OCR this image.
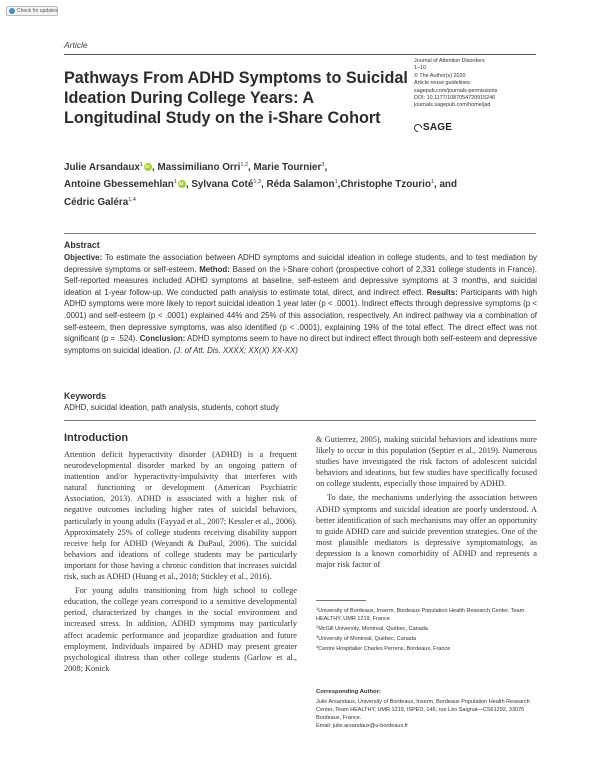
Check for updates
Article
Pathways From ADHD Symptoms to Suicidal Ideation During College Years: A Longitudinal Study on the i-Share Cohort
Journal of Attention Disorders
1–10
© The Author(s) 2020
Article reuse guidelines:
sagepub.com/journals-permissions
DOI: 10.1177/1087054720915246
journals.sagepub.com/home/jad
SAGE
Julie Arsandaux$^1$ iD , Massimiliano Orri$^{1,2}$, Marie Tournier$^3$,
Antoine Gbessemehlan$^1$ iD , Sylvana Coté$^{1,3}$, Réda Salamon$^1$,Christophe Tzourio$^1$, and
Cédric Galéra$^{1,4}$
Abstract
Objective: To estimate the association between ADHD symptoms and suicidal ideation in college students, and to test mediation by depressive symptoms or self-esteem. Method: Based on the i-Share cohort (prospective cohort of 2,331 college students in France). Self-reported measures included ADHD symptoms at baseline, self-esteem and depressive symptoms at 3 months, and suicidal ideation at 1-year follow-up. We conducted path analysis to estimate total, direct, and indirect effect. Results: Participants with high ADHD symptoms were more likely to report suicidal ideation 1 year later (p < .0001). Indirect effects through depressive symptoms (p < .0001) and self-esteem (p < .0001) explained 44% and 25% of this association, respectively. An indirect pathway via a combination of self-esteem, then depressive symptoms, was also identified (p < .0001), explaining 19% of the total effect. The direct effect was not significant (p = .524). Conclusion: ADHD symptoms seem to have no direct but indirect effect through both self-esteem and depressive symptoms on suicidal ideation. (J. of Att. Dis. XXXX; XX(X) XX-XX)
Keywords
ADHD, suicidal ideation, path analysis, students, cohort study
Introduction

Attention deficit hyperactivity disorder (ADHD) is a frequent neurodevelopmental disorder marked by an ongoing pattern of inattention and/or hyperactivity-impulsivity that interferes with natural functioning or development (American Psychiatric Association, 2013). ADHD is associated with a higher risk of negative outcomes including higher rates of suicidal behaviors, particularly in young adults (Fayyad et al., 2007; Kessler et al., 2006). Approximately 25% of college students receiving disability support receive help for ADHD (Weyandt & DuPaul, 2006). The suicidal behaviors and ideations of college students may be particularly important for those having a chronic condition that increases suicidal risk, such as ADHD (Huang et al., 2018; Stickley et al., 2016).

For young adults transitioning from high school to college education, the college years correspond to a sensitive developmental period, characterized by changes in the social environment and increased stress. In addition, ADHD symptoms may particularly affect academic performance and jeopardize graduation and future employment. Individuals impaired by ADHD may present greater psychological distress than other college students (Garlow et al., 2008; Konick

& Gutierrez, 2005), making suicidal behaviors and ideations more likely to occur in this population (Septier et al., 2019). Numerous studies have investigated the risk factors of adolescent suicidal behaviors and ideations, but few studies have specifically focused on college students, especially those impaired by ADHD.

To date, the mechanisms underlying the association between ADHD symptoms and suicidal ideation are poorly understood. A better identification of such mechanisms may offer an opportunity to guide ADHD care and suicide prevention strategies. One of the most plausible mediators is depressive symptomatology, as depression is a known comorbidity of ADHD and represents a major risk factor of

$^1$University of Bordeaux, Inserm, Bordeaux Population Health Research Center, Team HEALTHY, UMR 1219, France
$^2$McGill University, Montreal, Québec, Canada
$^3$University of Montreal, Québec, Canada
$^4$Centre Hospitalier Charles Perrens, Bordeaux, France
Corresponding Author:
Julie Arsandaux, University of Bordeaux, Inserm, Bordeaux Population Health Research Center, Team HEALTHY, UMR 1219, ISPED, 146, rue Léo Saignat—CS61292, 33076 Bordeaux, France.
Email: julie.arsandaux@u-bordeaux.fr
